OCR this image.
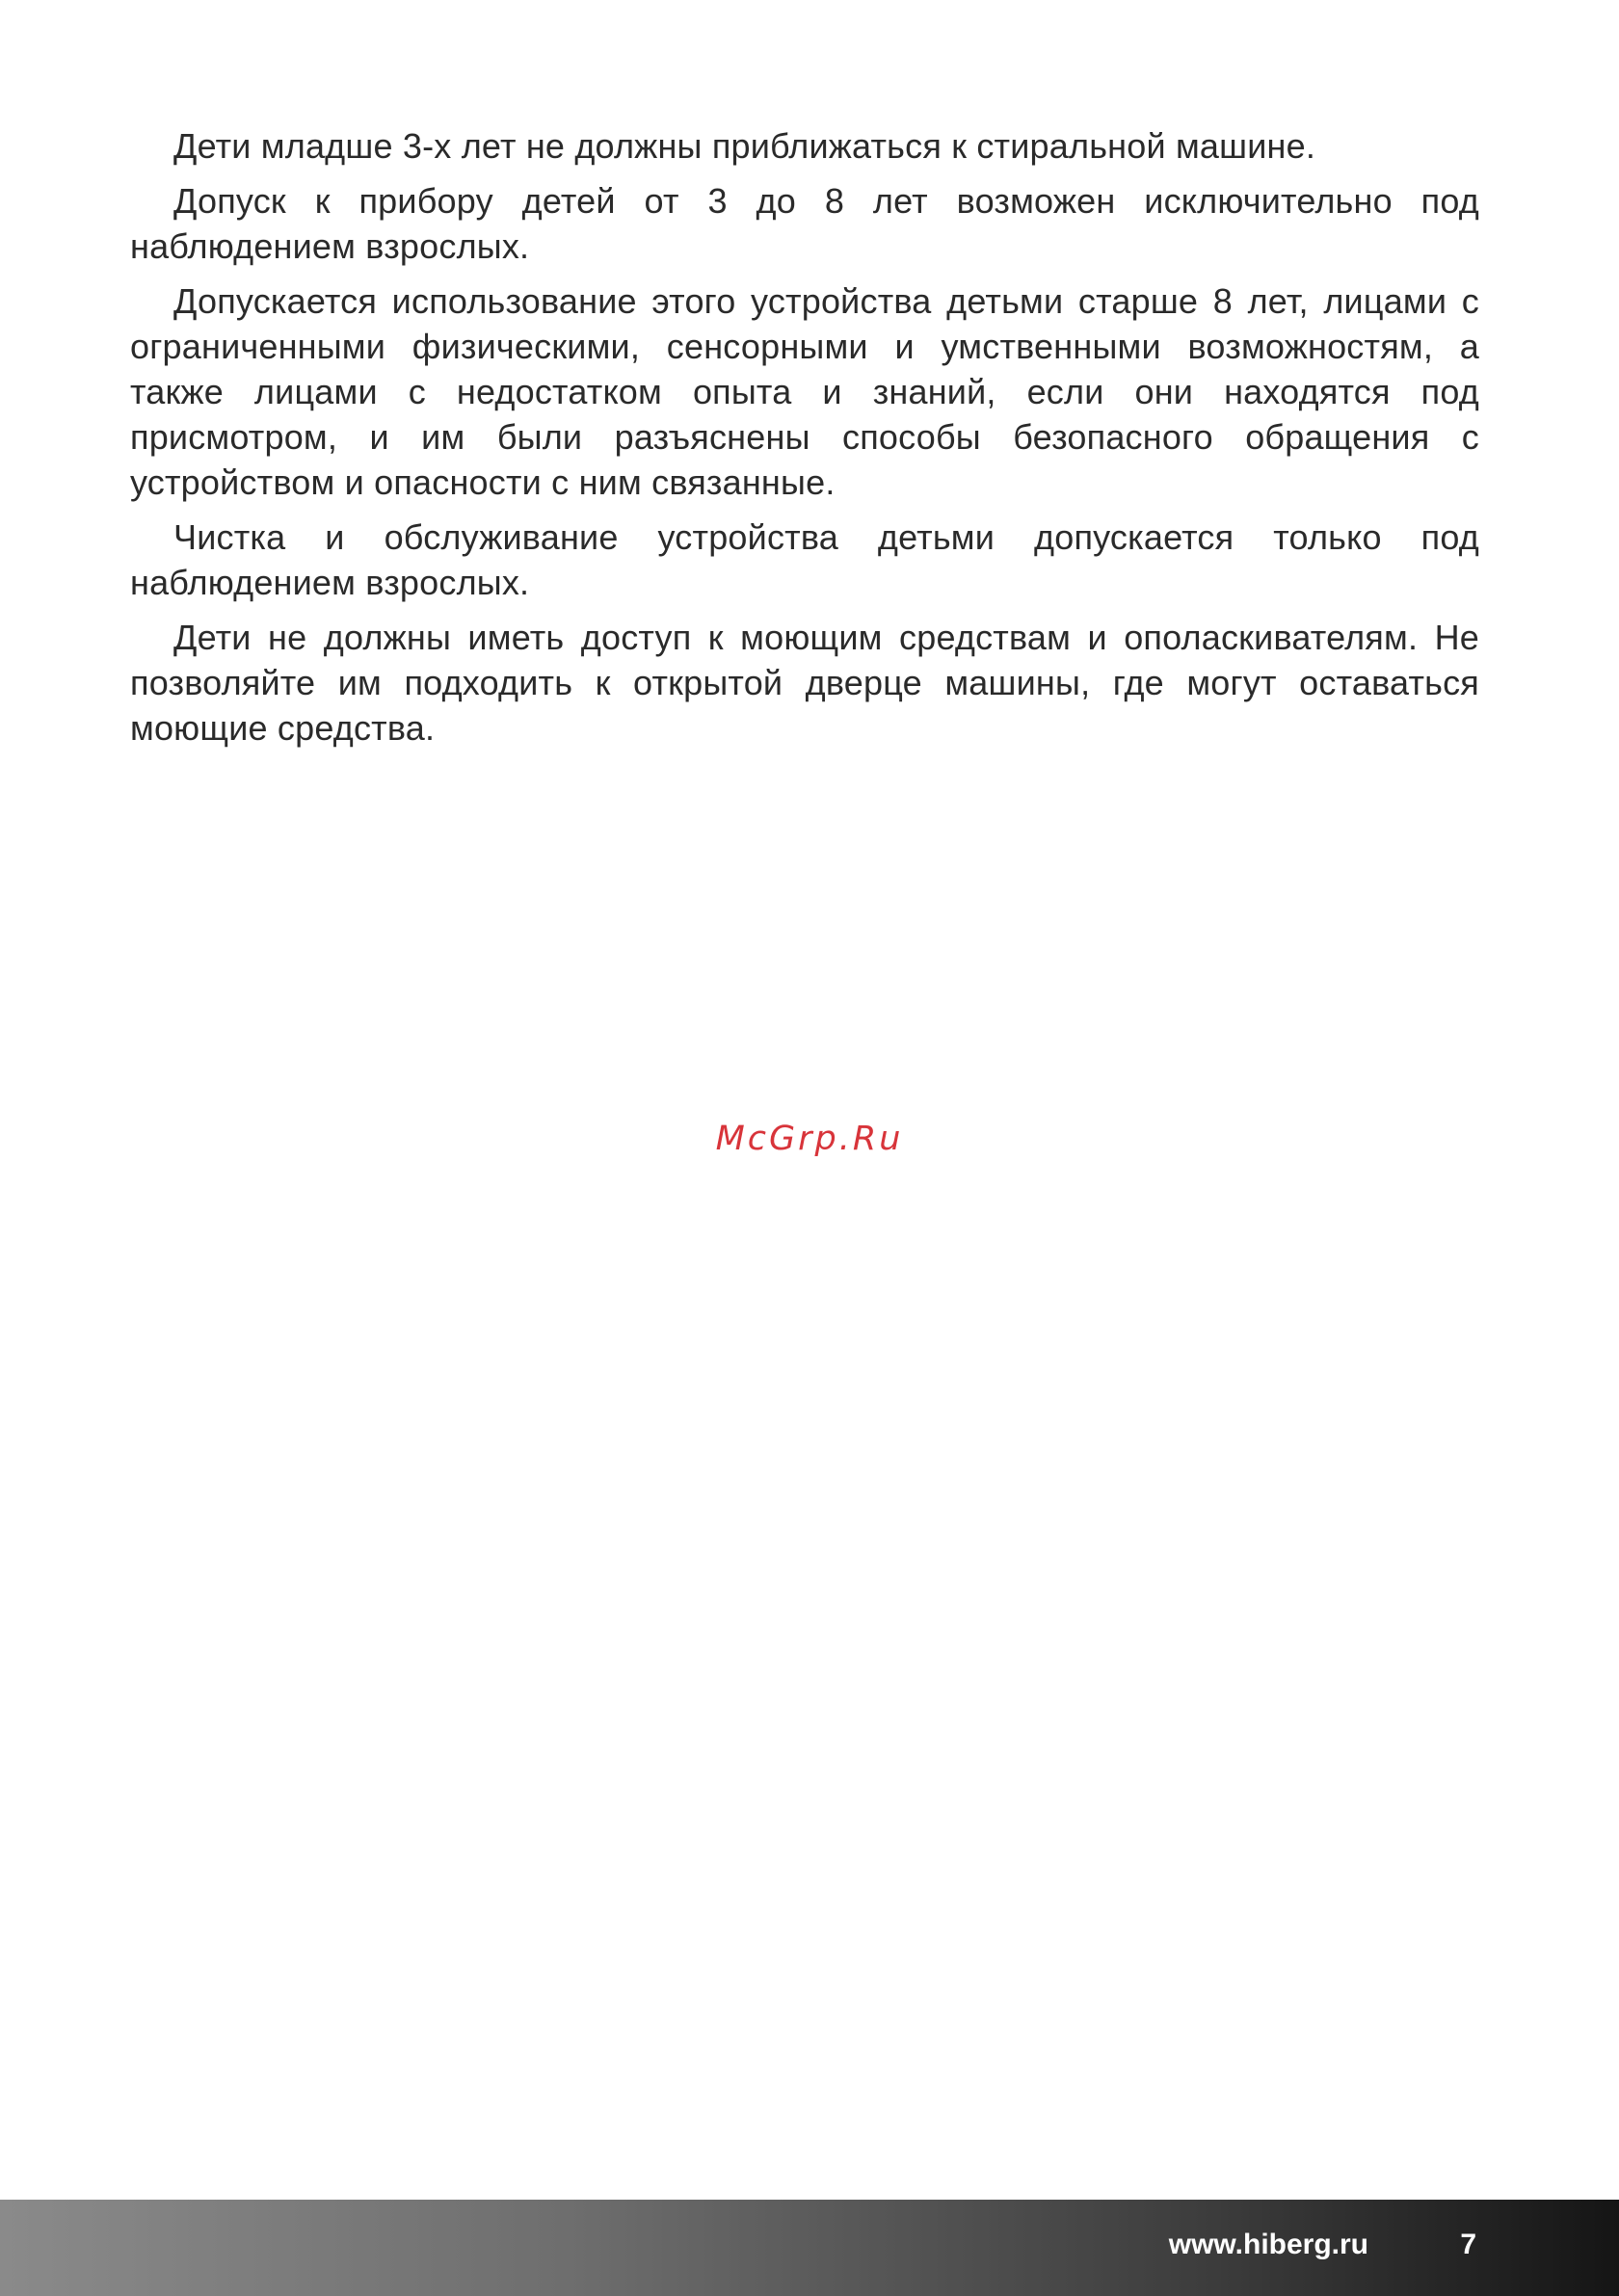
Дети младше 3-х лет не должны приближаться к стиральной машине.

Допуск к прибору детей от 3 до 8 лет возможен исключительно под наблюдением взрослых.

Допускается использование этого устройства детьми старше 8 лет, лицами с ограниченными физическими, сенсорными и умственными возможностям, а также лицами с недостатком опыта и знаний, если они находятся под присмотром, и им были разъяснены способы безопасного обращения с устройством и опасности с ним связанные.

Чистка и обслуживание устройства детьми допускается только под наблюдением взрослых.

Дети не должны иметь доступ к моющим средствам и ополаскивателям. Не позволяйте им подходить к открытой дверце машины, где могут оставаться моющие средства.

McGrp.Ru
www.hiberg.ru	7
